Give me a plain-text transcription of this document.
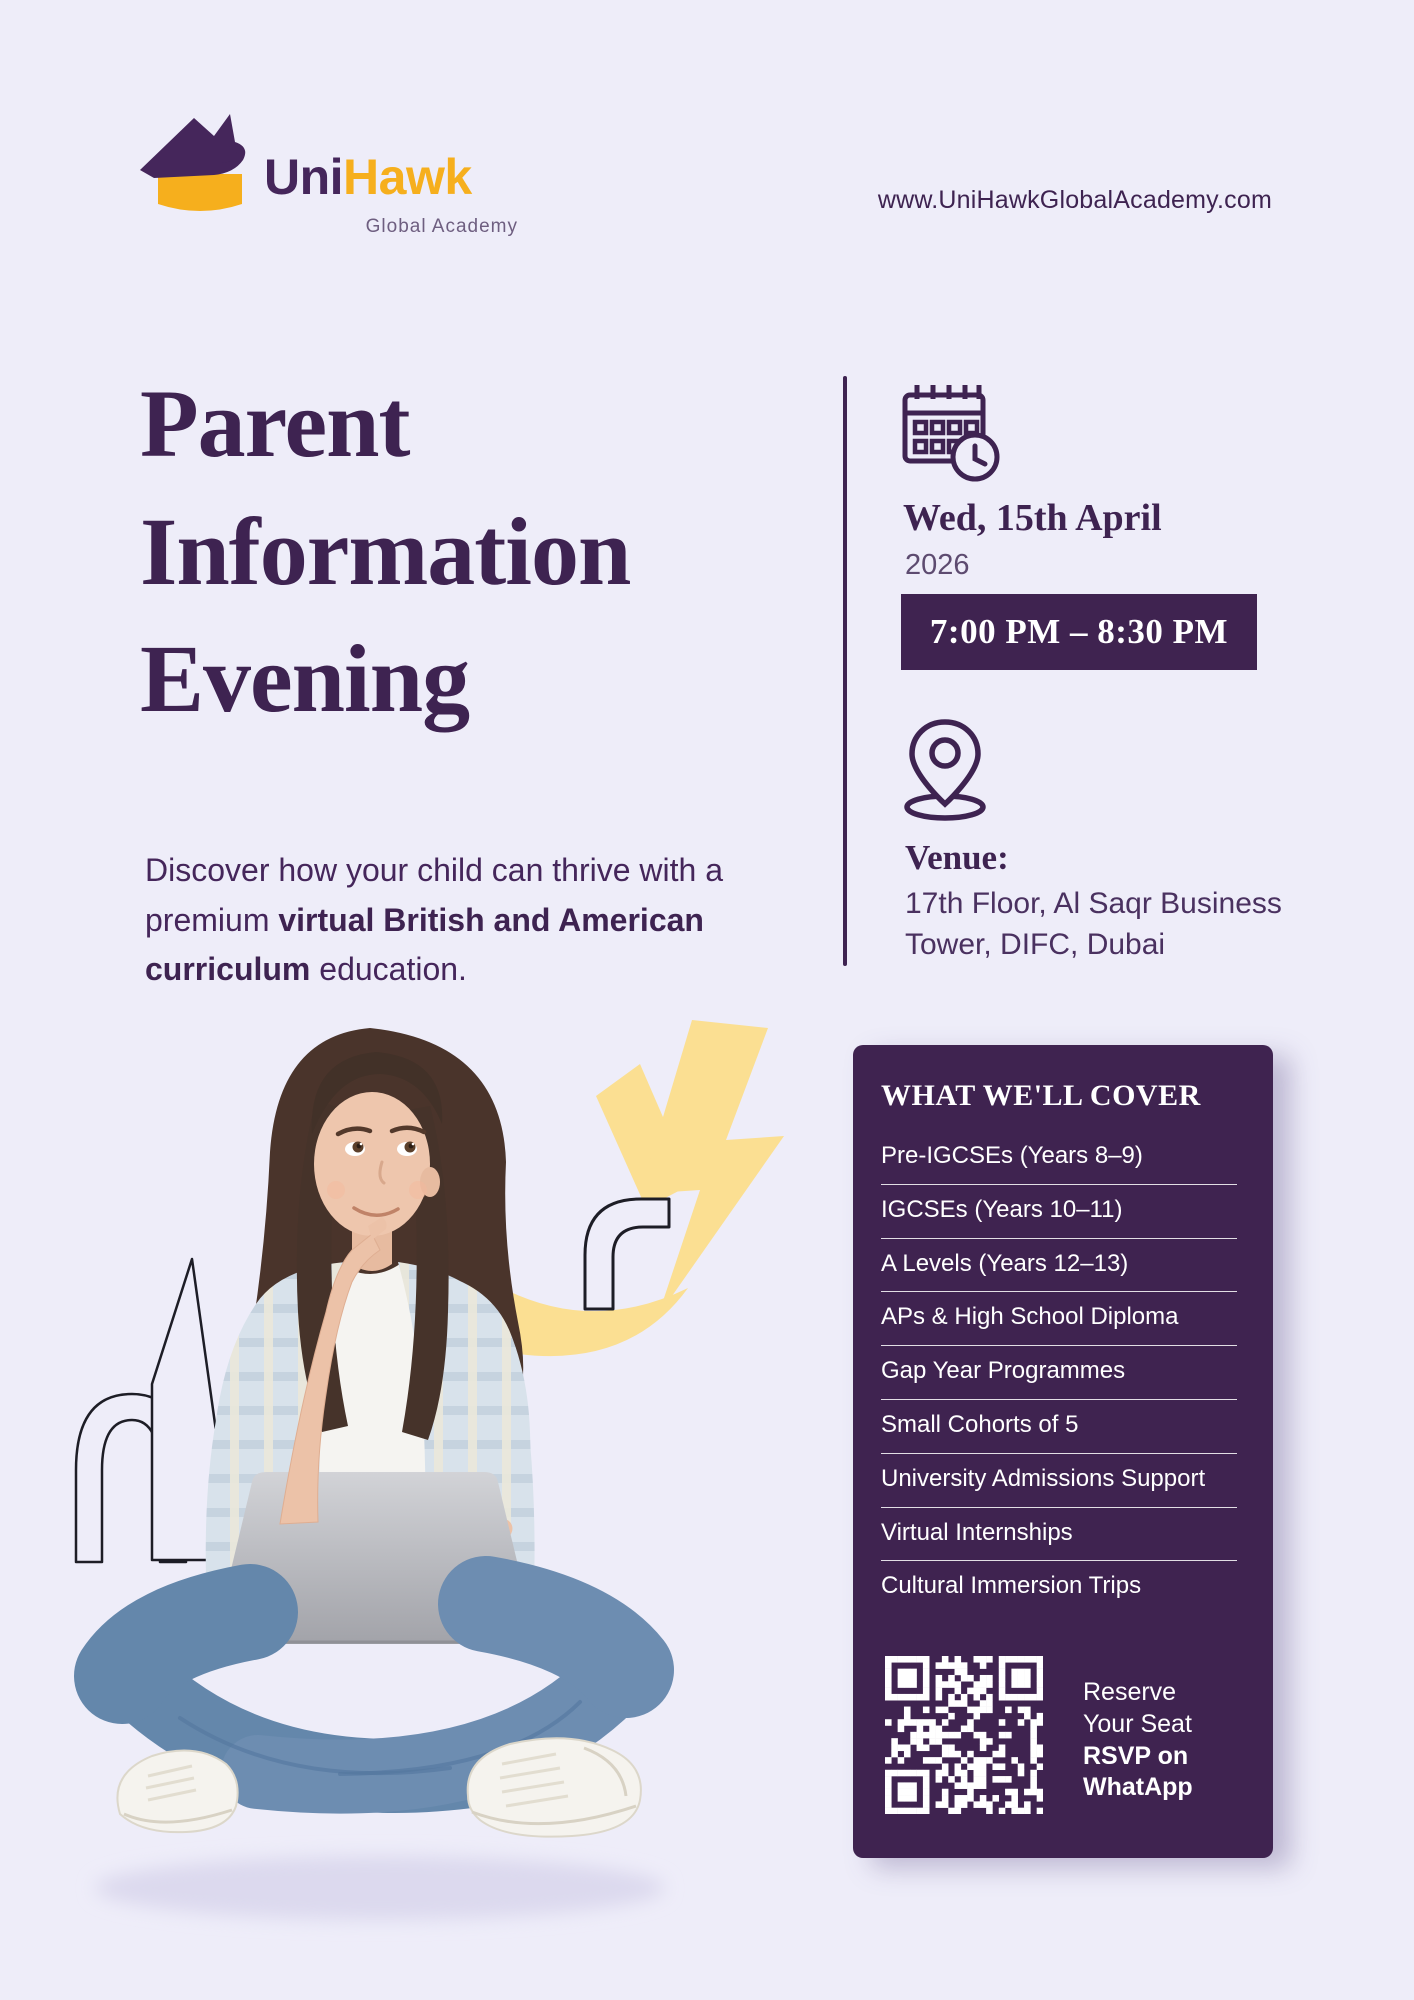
UniHawk
Global Academy
www.UniHawkGlobalAcademy.com
Parent
Information
Evening

Discover how your child can thrive with a premium virtual British and American curriculum education.

Wed, 15th April
2026
7:00 PM – 8:30 PM
Venue:
17th Floor, Al Saqr Business Tower, DIFC, Dubai
WHAT WE'LL COVER
Pre-IGCSEs (Years 8–9)
IGCSEs (Years 10–11)
A Levels (Years 12–13)
APs & High School Diploma
Gap Year Programmes
Small Cohorts of 5
University Admissions Support
Virtual Internships
Cultural Immersion Trips
Reserve
Your Seat
RSVP on
WhatApp
